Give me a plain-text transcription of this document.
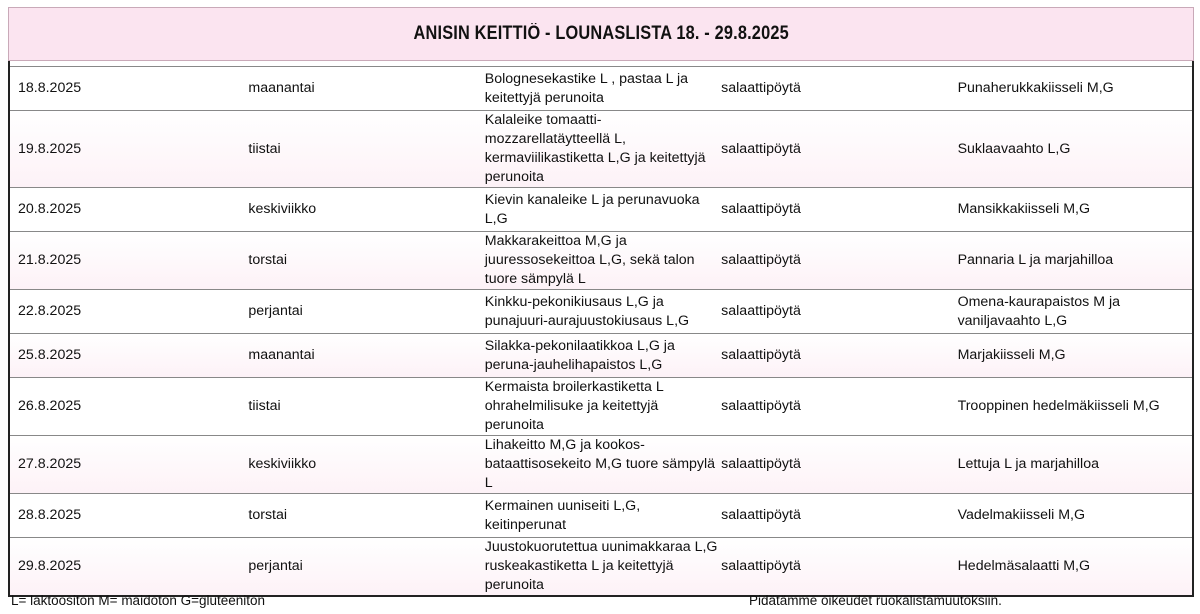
ANISIN KEITTIÖ - LOUNASLISTA 18. - 29.8.2025

18.8.2025	maanantai	Bolognesekastike L , pastaa L ja keitettyjä perunoita	salaattipöytä	Punaherukkakiisseli M,G
19.8.2025	tiistai	Kalaleike tomaatti-mozzarellatäytteellä L, kermaviilikastiketta L,G ja keitettyjä perunoita	salaattipöytä	Suklaavaahto L,G
20.8.2025	keskiviikko	Kievin kanaleike L ja perunavuoka L,G	salaattipöytä	Mansikkakiisseli M,G
21.8.2025	torstai	Makkarakeittoa M,G ja juuressosekeittoa L,G, sekä talon tuore sämpylä L	salaattipöytä	Pannaria L ja marjahilloa
22.8.2025	perjantai	Kinkku-pekonikiusaus L,G ja punajuuri-aurajuustokiusaus L,G	salaattipöytä	Omena-kaurapaistos M ja vaniljavaahto L,G
25.8.2025	maanantai	Silakka-pekonilaatikkoa L,G ja peruna-jauhelihapaistos L,G	salaattipöytä	Marjakiisseli M,G
26.8.2025	tiistai	Kermaista broilerkastiketta L ohrahelmilisuke ja keitettyjä perunoita	salaattipöytä	Trooppinen hedelmäkiisseli M,G
27.8.2025	keskiviikko	Lihakeitto M,G ja kookos-bataattisosekeito M,G tuore sämpylä L	salaattipöytä	Lettuja L ja marjahilloa
28.8.2025	torstai	Kermainen uuniseiti L,G, keitinperunat	salaattipöytä	Vadelmakiisseli M,G
29.8.2025	perjantai	Juustokuorutettua uunimakkaraa L,G ruskeakastiketta L ja keitettyjä perunoita	salaattipöytä	Hedelmäsalaatti M,G
L= laktoositon M= maidoton G=gluteeniton	Pidätämme oikeudet ruokalistamuutoksiin.
